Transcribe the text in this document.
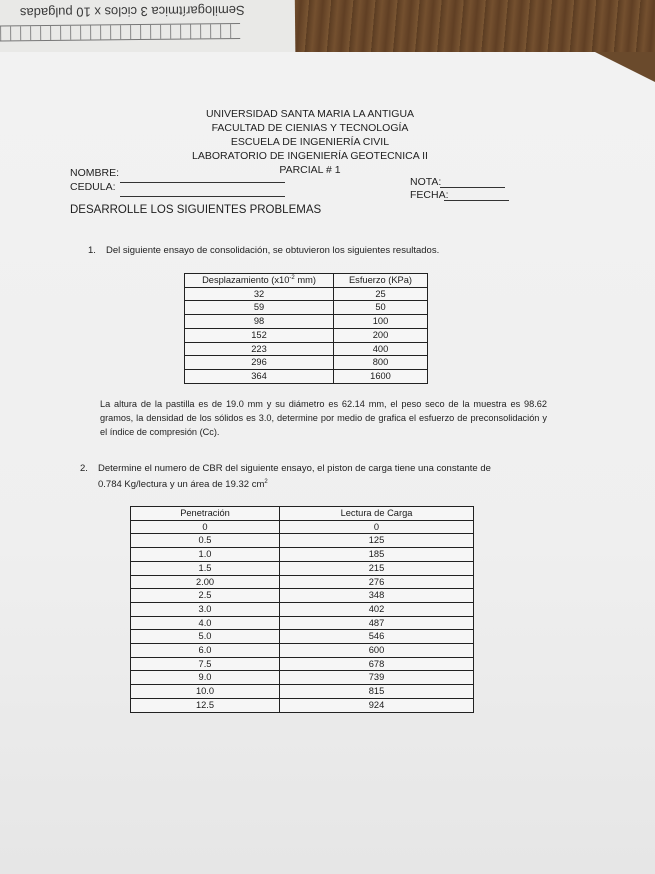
Semilogarítmica 3 ciclos x 10 pulgadas
UNIVERSIDAD SANTA MARIA LA ANTIGUA
FACULTAD DE CIENIAS Y TECNOLOGÍA
ESCUELA DE INGENIERÍA CIVIL
LABORATORIO DE INGENIERÍA GEOTECNICA II
PARCIAL # 1
NOMBRE:
CEDULA:	NOTA:
FECHA:
DESARROLLE LOS SIGUIENTES PROBLEMAS
1. Del siguiente ensayo de consolidación, se obtuvieron los siguientes resultados.
Desplazamiento ($x10^{-2}$ mm)	Esfuerzo (KPa)
32	25
59	50
98	100
152	200
223	400
296	800
364	1600
La altura de la pastilla es de 19.0 mm y su diámetro es 62.14 mm, el peso seco de la muestra es 98.62 gramos, la densidad de los sólidos es 3.0, determine por medio de grafica el esfuerzo de preconsolidación y el índice de compresión (Cc).
2. Determine el numero de CBR del siguiente ensayo, el piston de carga tiene una constante de
0.784 Kg/lectura y un área de 19.32 $cm^2$
Penetración	Lectura de Carga
0	0
0.5	125
1.0	185
1.5	215
2.00	276
2.5	348
3.0	402
4.0	487
5.0	546
6.0	600
7.5	678
9.0	739
10.0	815
12.5	924
